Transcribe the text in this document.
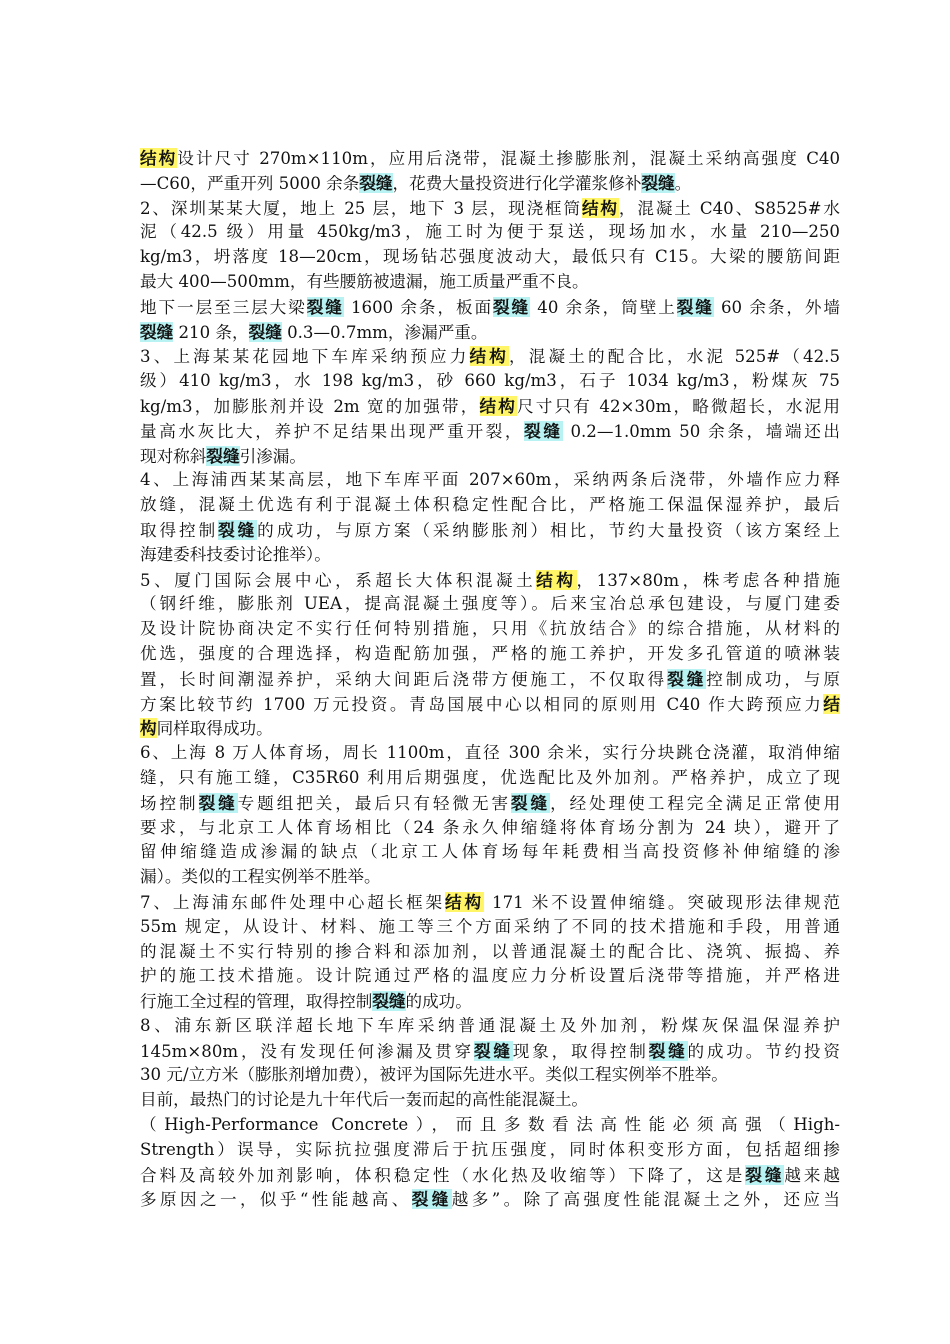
结构设计尺寸 270m×110m，应用后浇带，混凝土掺膨胀剂，混凝土采纳高强度 C40
—C60，严重开列 5000 余条裂缝，花费大量投资进行化学灌浆修补裂缝。
2、深圳某某大厦，地上 25 层，地下 3 层，现浇框筒结构，混凝土 C40、S8525#水
泥（42.5 级）用量 450kg/m3，施工时为便于泵送，现场加水，水量 210—250
kg/m3，坍落度 18—20cm，现场钻芯强度波动大，最低只有 C15。大梁的腰筋间距
最大 400—500mm，有些腰筋被遗漏，施工质量严重不良。
地下一层至三层大梁裂缝 1600 余条，板面裂缝 40 余条，筒壁上裂缝 60 余条，外墙
裂缝 210 条，裂缝 0.3—0.7mm，渗漏严重。
3、上海某某花园地下车库采纳预应力结构，混凝土的配合比，水泥 525#（42.5
级）410 kg/m3，水 198 kg/m3，砂 660 kg/m3，石子 1034 kg/m3，粉煤灰 75
kg/m3，加膨胀剂并设 2m 宽的加强带，结构尺寸只有 42×30m，略微超长，水泥用
量高水灰比大，养护不足结果出现严重开裂，裂缝 0.2—1.0mm 50 余条，墙端还出
现对称斜裂缝引渗漏。
4、上海浦西某某高层，地下车库平面 207×60m，采纳两条后浇带，外墙作应力释
放缝，混凝土优选有利于混凝土体积稳定性配合比，严格施工保温保湿养护，最后
取得控制裂缝的成功，与原方案（采纳膨胀剂）相比，节约大量投资（该方案经上
海建委科技委讨论推举）。
5、厦门国际会展中心，系超长大体积混凝土结构，137×80m，株考虑各种措施
（钢纤维，膨胀剂 UEA，提高混凝土强度等）。后来宝冶总承包建设，与厦门建委
及设计院协商决定不实行任何特别措施，只用《抗放结合》的综合措施，从材料的
优选，强度的合理选择，构造配筋加强，严格的施工养护，开发多孔管道的喷淋装
置，长时间潮湿养护，采纳大间距后浇带方便施工，不仅取得裂缝控制成功，与原
方案比较节约 1700 万元投资。青岛国展中心以相同的原则用 C40 作大跨预应力结
构同样取得成功。
6、上海 8 万人体育场，周长 1100m，直径 300 余米，实行分块跳仓浇灌，取消伸缩
缝，只有施工缝，C35R60 利用后期强度，优选配比及外加剂。严格养护，成立了现
场控制裂缝专题组把关，最后只有轻微无害裂缝，经处理使工程完全满足正常使用
要求，与北京工人体育场相比（24 条永久伸缩缝将体育场分割为 24 块），避开了
留伸缩缝造成渗漏的缺点（北京工人体育场每年耗费相当高投资修补伸缩缝的渗
漏）。类似的工程实例举不胜举。
7、上海浦东邮件处理中心超长框架结构 171 米不设置伸缩缝。突破现形法律规范
55m 规定，从设计、材料、施工等三个方面采纳了不同的技术措施和手段，用普通
的混凝土不实行特别的掺合料和添加剂，以普通混凝土的配合比、浇筑、振捣、养
护的施工技术措施。设计院通过严格的温度应力分析设置后浇带等措施，并严格进
行施工全过程的管理，取得控制裂缝的成功。
8、浦东新区联洋超长地下车库采纳普通混凝土及外加剂，粉煤灰保温保湿养护
145m×80m，没有发现任何渗漏及贯穿裂缝现象，取得控制裂缝的成功。节约投资
30 元/立方米（膨胀剂增加费），被评为国际先进水平。类似工程实例举不胜举。
目前，最热门的讨论是九十年代后一轰而起的高性能混凝土。
（High-Performance Concrete），而且多数看法高性能必须高强（High-
Strength）误导，实际抗拉强度滞后于抗压强度，同时体积变形方面，包括超细掺
合料及高较外加剂影响，体积稳定性（水化热及收缩等）下降了，这是裂缝越来越
多原因之一，似乎“性能越高、裂缝越多”。除了高强度性能混凝土之外，还应当
